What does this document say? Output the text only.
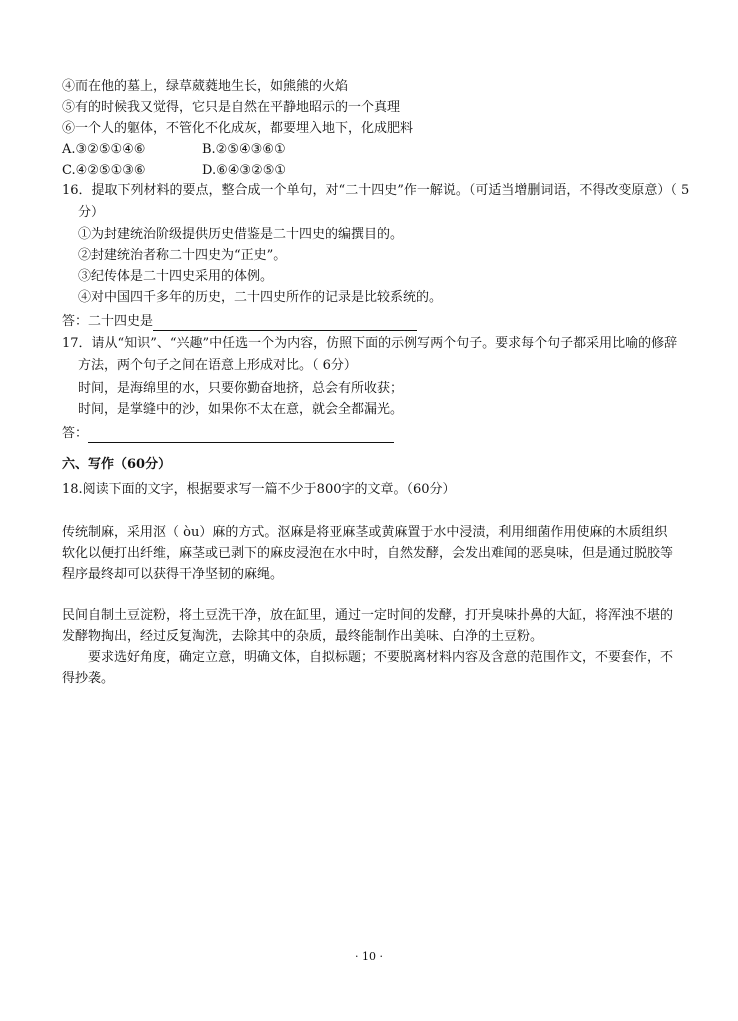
④而在他的墓上，绿草葳蕤地生长，如熊熊的火焰
⑤有的时候我又觉得，它只是自然在平静地昭示的一个真理
⑥一个人的躯体，不管化不化成灰，都要埋入地下，化成肥料
A.③②⑤①④⑥	B.②⑤④③⑥①
C.④②⑤①③⑥	D.⑥④③②⑤①
16．提取下列材料的要点，整合成一个单句，对“二十四史”作一解说。（可适当增删词语，不得改变原意）（ 5分）
①为封建统治阶级提供历史借鉴是二十四史的编撰目的。
②封建统治者称二十四史为“正史”。
③纪传体是二十四史采用的体例。
④对中国四千多年的历史，二十四史所作的记录是比较系统的。
答：二十四史是
17．请从“知识”、“兴趣”中任选一个为内容，仿照下面的示例写两个句子。要求每个句子都采用比喻的修辞方法，两个句子之间在语意上形成对比。（ 6分）
时间，是海绵里的水，只要你勤奋地挤，总会有所收获；
时间，是掌缝中的沙，如果你不太在意，就会全都漏光。
答：
六、写作（60分）
18.阅读下面的文字，根据要求写一篇不少于800字的文章。（60分）
传统制麻，采用沤（ òu）麻的方式。沤麻是将亚麻茎或黄麻置于水中浸渍，利用细菌作用使麻的木质组织软化以便打出纤维，麻茎或已剥下的麻皮浸泡在水中时，自然发酵，会发出难闻的恶臭味，但是通过脱胶等程序最终却可以获得干净坚韧的麻绳。
民间自制土豆淀粉，将土豆洗干净，放在缸里，通过一定时间的发酵，打开臭味扑鼻的大缸，将浑浊不堪的发酵物掏出，经过反复淘洗，去除其中的杂质，最终能制作出美味、白净的土豆粉。
要求选好角度，确定立意，明确文体，自拟标题；不要脱离材料内容及含意的范围作文，不要套作，不得抄袭。
· 10 ·
